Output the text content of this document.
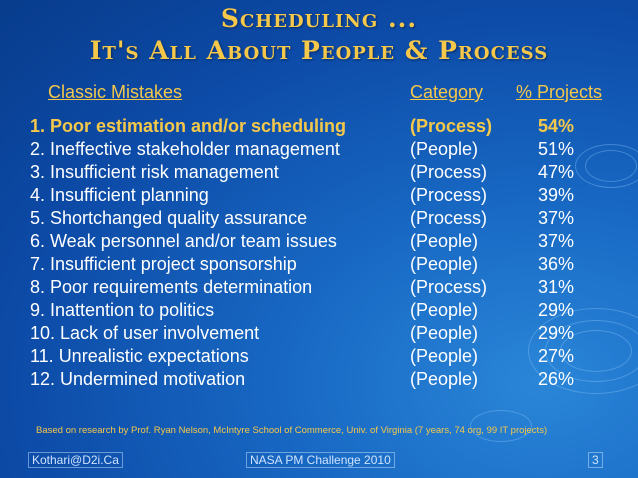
Scheduling ...
It's All About People & Process
Classic Mistakes	Category % Projects
1. Poor estimation and/or scheduling	(Process)	54%
2. Ineffective stakeholder management	(People)	51%
3. Insufficient risk management	(Process)	47%
4. Insufficient planning	(Process)	39%
5. Shortchanged quality assurance	(Process)	37%
6. Weak personnel and/or team issues	(People)	37%
7. Insufficient project sponsorship	(People)	36%
8. Poor requirements determination	(Process)	31%
9. Inattention to politics	(People)	29%
10. Lack of user involvement	(People)	29%
11. Unrealistic expectations	(People)	27%
12. Undermined motivation	(People)	26%
Based on research by Prof. Ryan Nelson, McIntyre School of Commerce, Univ. of Virginia (7 years, 74 org, 99 IT projects)
Kothari@D2i.Ca	NASA PM Challenge 2010	3
